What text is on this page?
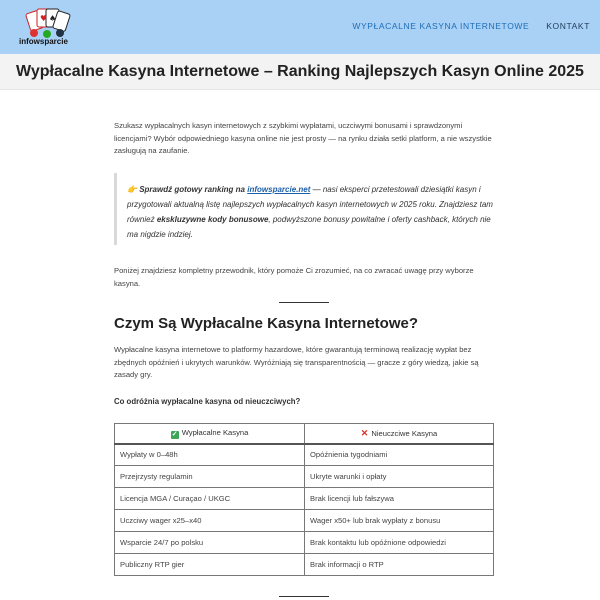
♥ ♠
infowsparcie
WYPŁACALNE KASYNA INTERNETOWE KONTAKT
Wypłacalne Kasyna Internetowe – Ranking Najlepszych Kasyn Online 2025

Szukasz wypłacalnych kasyn internetowych z szybkimi wypłatami, uczciwymi bonusami i sprawdzonymi licencjami? Wybór odpowiedniego kasyna online nie jest prosty — na rynku działa setki platform, a nie wszystkie zasługują na zaufanie.

👉 Sprawdź gotowy ranking na infowsparcie.net — nasi eksperci przetestowali dziesiątki kasyn i przygotowali aktualną listę najlepszych wypłacalnych kasyn internetowych w 2025 roku. Znajdziesz tam również ekskluzywne kody bonusowe, podwyższone bonusy powitalne i oferty cashback, których nie ma nigdzie indziej.

Poniżej znajdziesz kompletny przewodnik, który pomoże Ci zrozumieć, na co zwracać uwagę przy wyborze kasyna.

Czym Są Wypłacalne Kasyna Internetowe?

Wypłacalne kasyna internetowe to platformy hazardowe, które gwarantują terminową realizację wypłat bez zbędnych opóźnień i ukrytych warunków. Wyróżniają się transparentnością — gracze z góry wiedzą, jakie są zasady gry.

Co odróżnia wypłacalne kasyna od nieuczciwych?

✓ Wypłacalne Kasyna	✕ Nieuczciwe Kasyna
Wypłaty w 0–48h	Opóźnienia tygodniami
Przejrzysty regulamin	Ukryte warunki i opłaty
Licencja MGA / Curaçao / UKGC	Brak licencji lub fałszywa
Uczciwy wager x25–x40	Wager x50+ lub brak wypłaty z bonusu
Wsparcie 24/7 po polsku	Brak kontaktu lub opóźnione odpowiedzi
Publiczny RTP gier	Brak informacji o RTP
